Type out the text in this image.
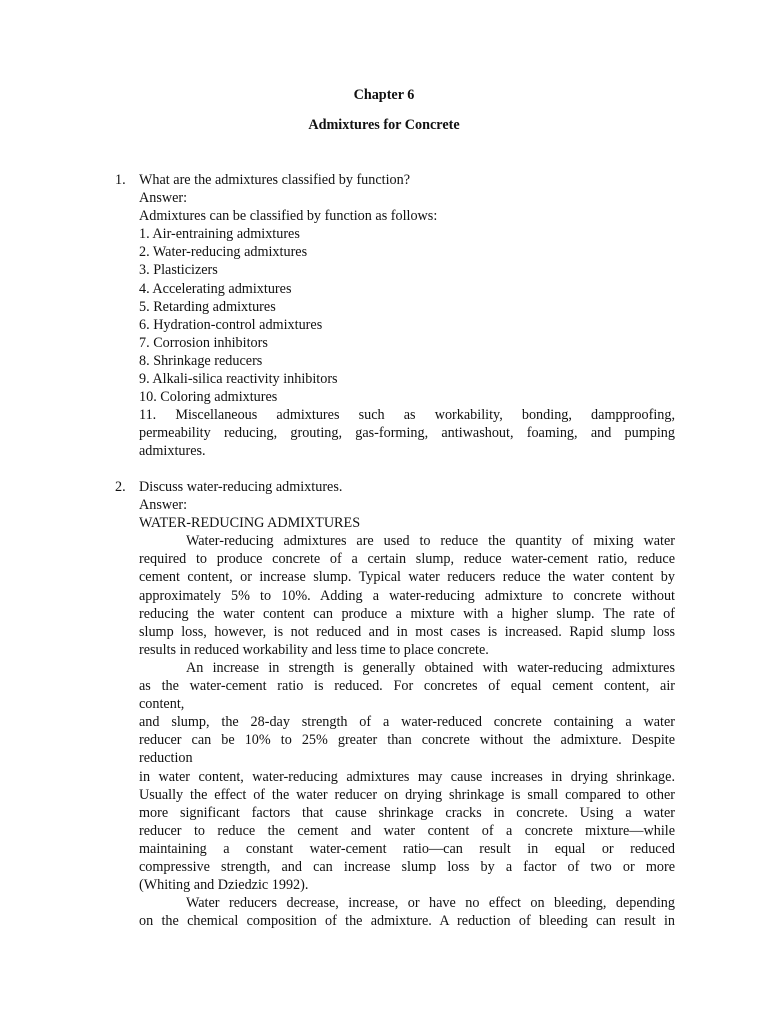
Chapter 6
Admixtures for Concrete
1. What are the admixtures classified by function?
Answer:
Admixtures can be classified by function as follows:
1. Air-entraining admixtures
2. Water-reducing admixtures
3. Plasticizers
4. Accelerating admixtures
5. Retarding admixtures
6. Hydration-control admixtures
7. Corrosion inhibitors
8. Shrinkage reducers
9. Alkali-silica reactivity inhibitors
10. Coloring admixtures
11. Miscellaneous admixtures such as workability, bonding, dampproofing,
permeability reducing, grouting, gas-forming, antiwashout, foaming, and pumping
admixtures.
2. Discuss water-reducing admixtures.
Answer:
WATER-REDUCING ADMIXTURES
Water-reducing admixtures are used to reduce the quantity of mixing water
required to produce concrete of a certain slump, reduce water-cement ratio, reduce
cement content, or increase slump. Typical water reducers reduce the water content by
approximately 5% to 10%. Adding a water-reducing admixture to concrete without
reducing the water content can produce a mixture with a higher slump. The rate of
slump loss, however, is not reduced and in most cases is increased. Rapid slump loss
results in reduced workability and less time to place concrete.
An increase in strength is generally obtained with water-reducing admixtures
as the water-cement ratio is reduced. For concretes of equal cement content, air
content,
and slump, the 28-day strength of a water-reduced concrete containing a water
reducer can be 10% to 25% greater than concrete without the admixture. Despite
reduction
in water content, water-reducing admixtures may cause increases in drying shrinkage.
Usually the effect of the water reducer on drying shrinkage is small compared to other
more significant factors that cause shrinkage cracks in concrete. Using a water
reducer to reduce the cement and water content of a concrete mixture—while
maintaining a constant water-cement ratio—can result in equal or reduced
compressive strength, and can increase slump loss by a factor of two or more
(Whiting and Dziedzic 1992).
Water reducers decrease, increase, or have no effect on bleeding, depending
on the chemical composition of the admixture. A reduction of bleeding can result in
